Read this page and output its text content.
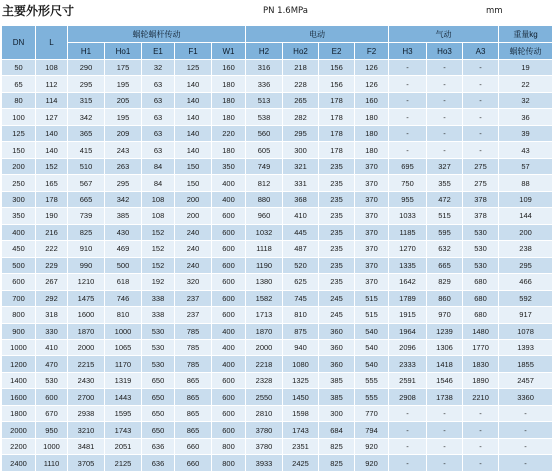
主要外形尺寸	PN 1.6MPa	mm
DN	L	蜗轮蜗杆传动					电动				气动			重量kg
		H1	Ho1	E1	F1	W1	H2	Ho2	E2	F2	H3	Ho3	A3	蜗轮传动
50	108	290	175	32	125	160	316	218	156	126	-	-	-	19
65	112	295	195	63	140	180	336	228	156	126	-	-	-	22
80	114	315	205	63	140	180	513	265	178	160	-	-	-	32
100	127	342	195	63	140	180	538	282	178	180	-	-	-	36
125	140	365	209	63	140	220	560	295	178	180	-	-	-	39
150	140	415	243	63	140	180	605	300	178	180	-	-	-	43
200	152	510	263	84	150	350	749	321	235	370	695	327	275	57
250	165	567	295	84	150	400	812	331	235	370	750	355	275	88
300	178	665	342	108	200	400	880	368	235	370	955	472	378	109
350	190	739	385	108	200	600	960	410	235	370	1033	515	378	144
400	216	825	430	152	240	600	1032	445	235	370	1185	595	530	200
450	222	910	469	152	240	600	1118	487	235	370	1270	632	530	238
500	229	990	500	152	240	600	1190	520	235	370	1335	665	530	295
600	267	1210	618	192	320	600	1380	625	235	370	1642	829	680	466
700	292	1475	746	338	237	600	1582	745	245	515	1789	860	680	592
800	318	1600	810	338	237	600	1713	810	245	515	1915	970	680	917
900	330	1870	1000	530	785	400	1870	875	360	540	1964	1239	1480	1078
1000	410	2000	1065	530	785	400	2000	940	360	540	2096	1306	1770	1393
1200	470	2215	1170	530	785	400	2218	1080	360	540	2333	1418	1830	1855
1400	530	2430	1319	650	865	600	2328	1325	385	555	2591	1546	1890	2457
1600	600	2700	1443	650	865	600	2550	1450	385	555	2908	1738	2210	3360
1800	670	2938	1595	650	865	600	2810	1598	300	770	-	-	-	-
2000	950	3210	1743	650	865	600	3780	1743	684	794	-	-	-	-
2200	1000	3481	2051	636	660	800	3780	2351	825	920	-	-	-	-
2400	1110	3705	2125	636	660	800	3933	2425	825	920	-	-	-	-
